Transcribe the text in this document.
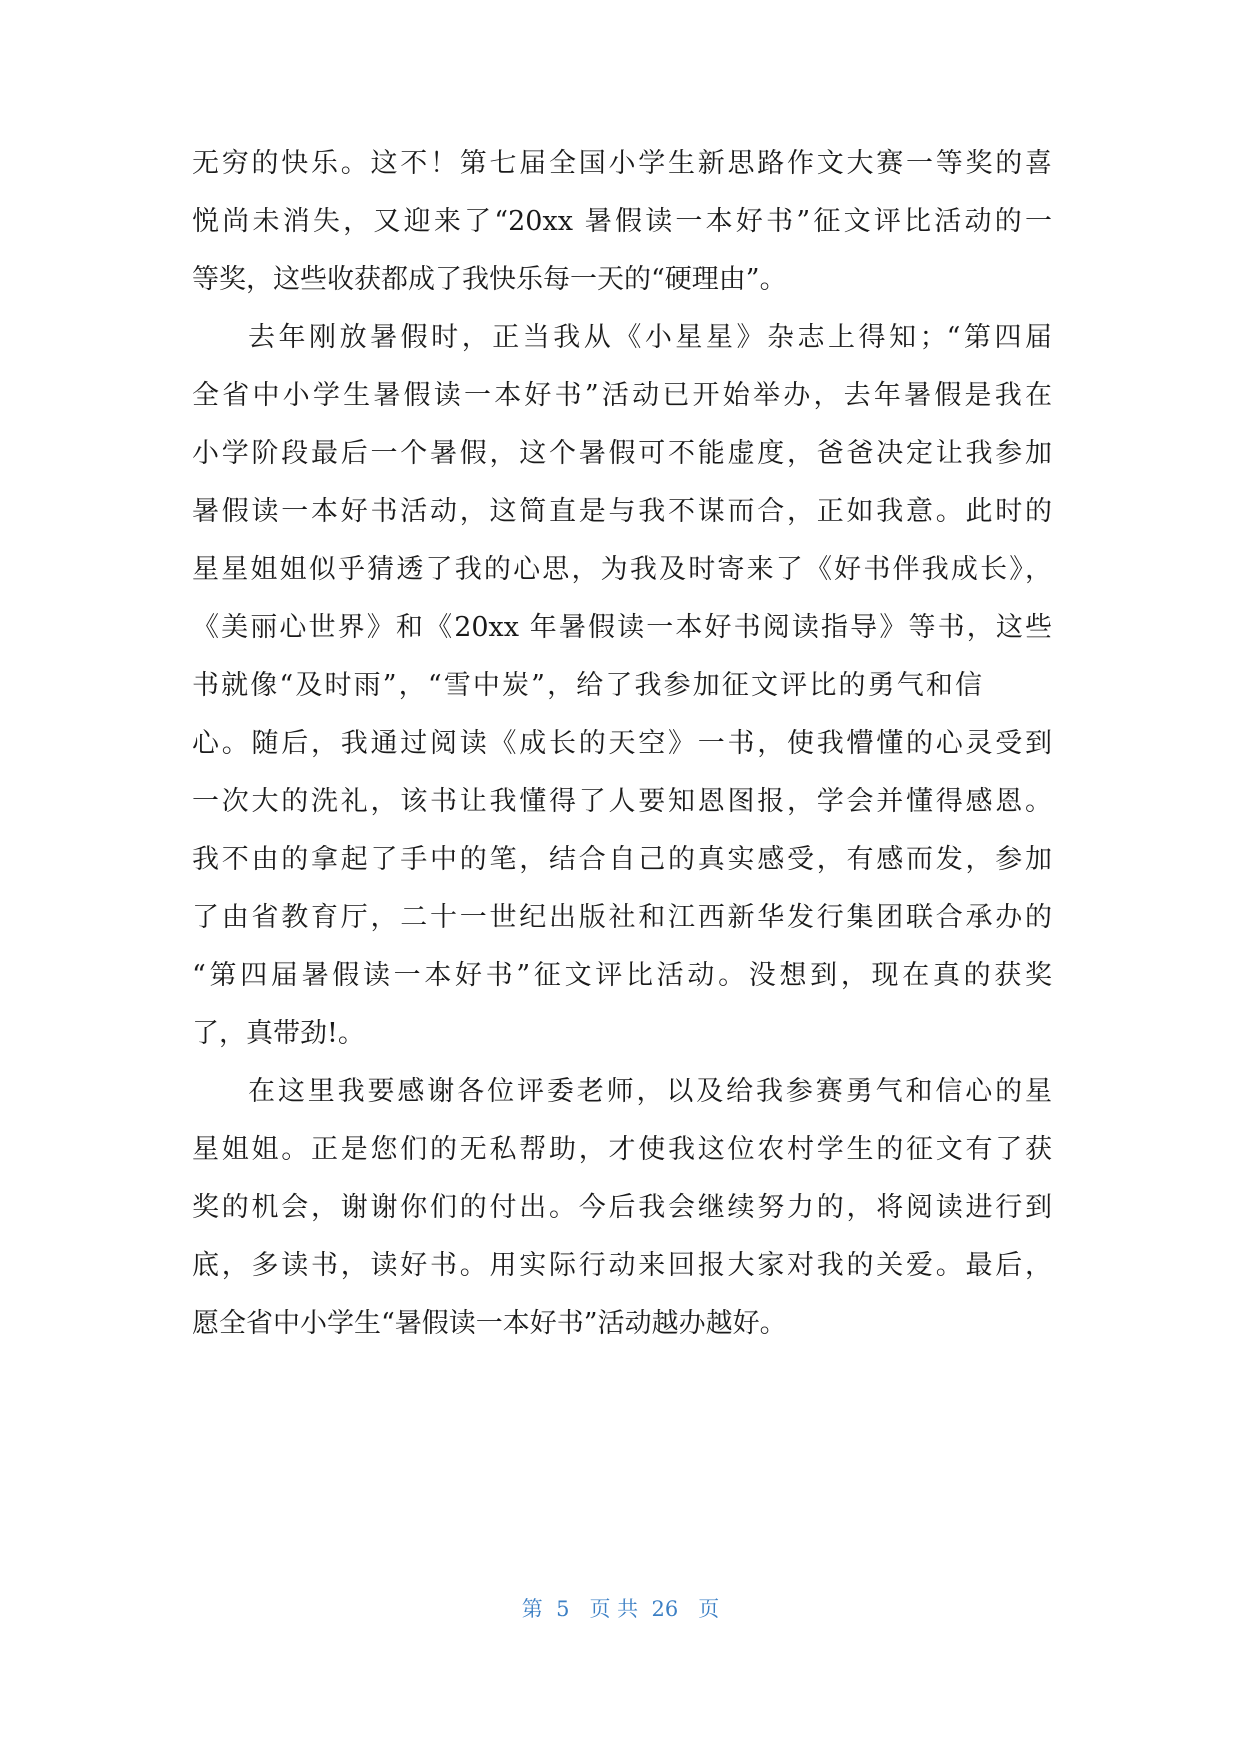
无穷的快乐。这不！第七届全国小学生新思路作文大赛一等奖的喜
悦尚未消失，又迎来了“20xx 暑假读一本好书”征文评比活动的一
等奖，这些收获都成了我快乐每一天的“硬理由”。
去年刚放暑假时，正当我从《小星星》杂志上得知；“第四届
全省中小学生暑假读一本好书”活动已开始举办，去年暑假是我在
小学阶段最后一个暑假，这个暑假可不能虚度，爸爸决定让我参加
暑假读一本好书活动，这简直是与我不谋而合，正如我意。此时的
星星姐姐似乎猜透了我的心思，为我及时寄来了《好书伴我成长》，
《美丽心世界》和《20xx 年暑假读一本好书阅读指导》等书，这些
书就像“及时雨”，“雪中炭”，给了我参加征文评比的勇气和信
心。随后，我通过阅读《成长的天空》一书，使我懵懂的心灵受到
一次大的洗礼，该书让我懂得了人要知恩图报，学会并懂得感恩。
我不由的拿起了手中的笔，结合自己的真实感受，有感而发，参加
了由省教育厅，二十一世纪出版社和江西新华发行集团联合承办的
“第四届暑假读一本好书”征文评比活动。没想到，现在真的获奖
了，真带劲!。
在这里我要感谢各位评委老师，以及给我参赛勇气和信心的星
星姐姐。正是您们的无私帮助，才使我这位农村学生的征文有了获
奖的机会，谢谢你们的付出。今后我会继续努力的，将阅读进行到
底，多读书，读好书。用实际行动来回报大家对我的关爱。最后，
愿全省中小学生“暑假读一本好书”活动越办越好。
第  5   页 共  26   页
